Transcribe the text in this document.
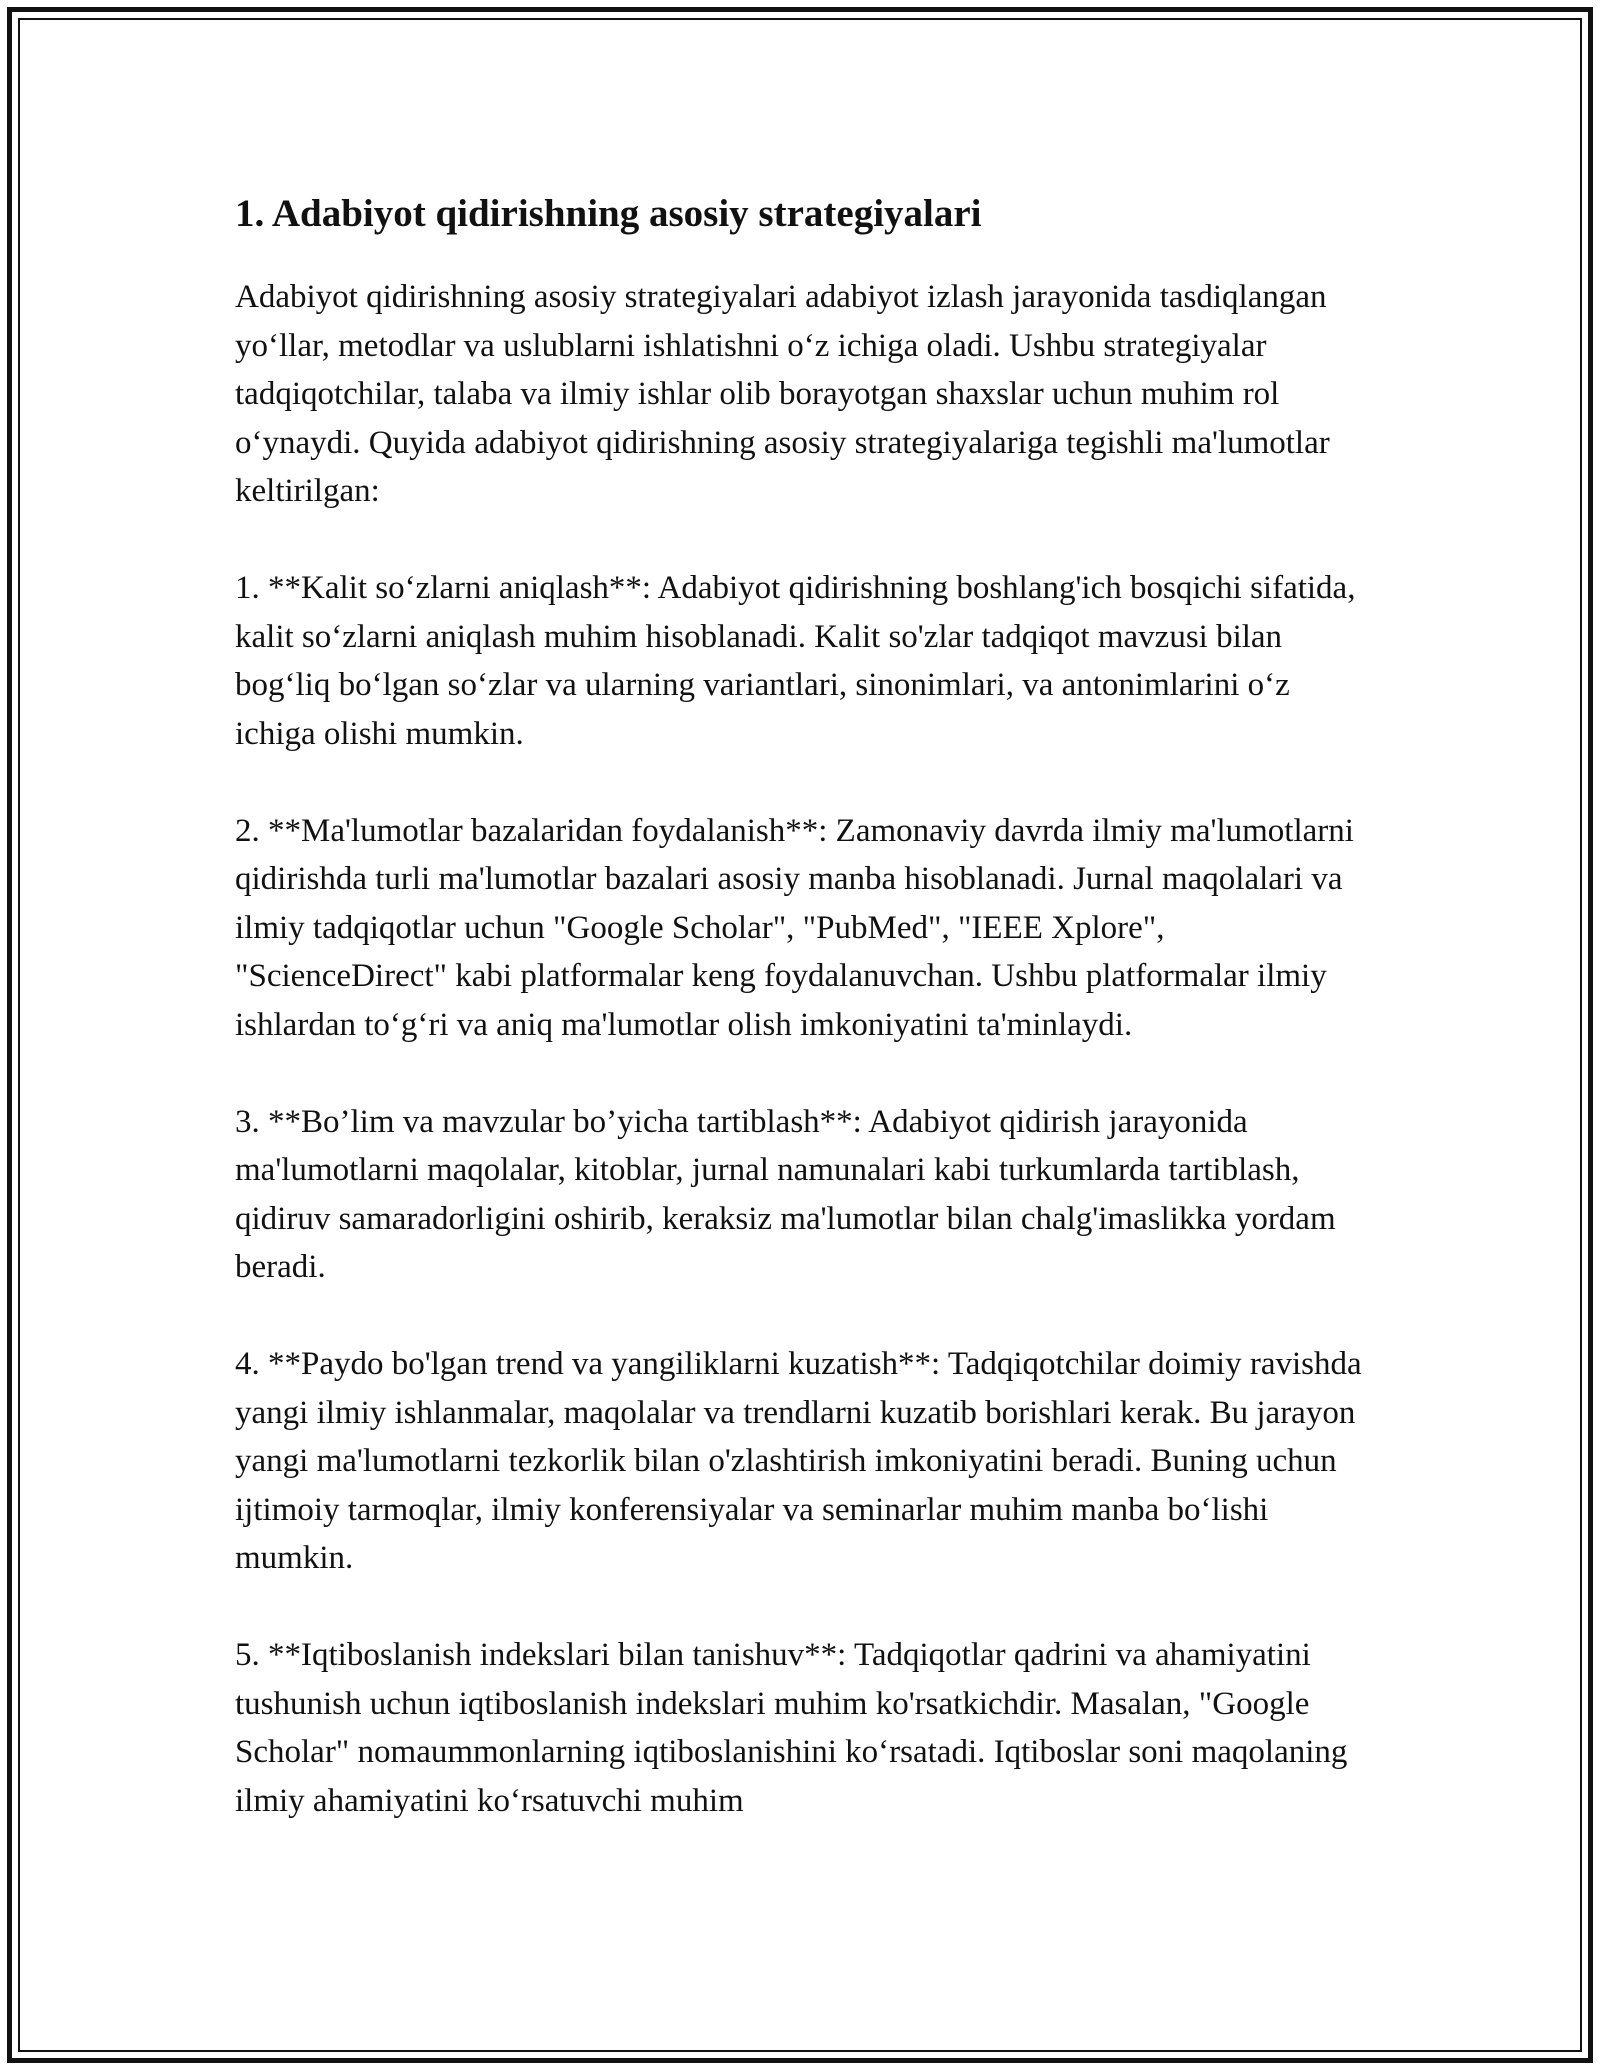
1. Adabiyot qidirishning asosiy strategiyalari

Adabiyot qidirishning asosiy strategiyalari adabiyot izlash jarayonida tasdiqlangan yo‘llar, metodlar va uslublarni ishlatishni o‘z ichiga oladi. Ushbu strategiyalar tadqiqotchilar, talaba va ilmiy ishlar olib borayotgan shaxslar uchun muhim rol o‘ynaydi. Quyida adabiyot qidirishning asosiy strategiyalariga tegishli ma'lumotlar keltirilgan:

1. **Kalit so‘zlarni aniqlash**: Adabiyot qidirishning boshlang'ich bosqichi sifatida, kalit so‘zlarni aniqlash muhim hisoblanadi. Kalit so'zlar tadqiqot mavzusi bilan bog‘liq bo‘lgan so‘zlar va ularning variantlari, sinonimlari, va antonimlarini o‘z ichiga olishi mumkin.

2. **Ma'lumotlar bazalaridan foydalanish**: Zamonaviy davrda ilmiy ma'lumotlarni qidirishda turli ma'lumotlar bazalari asosiy manba hisoblanadi. Jurnal maqolalari va ilmiy tadqiqotlar uchun "Google Scholar", "PubMed", "IEEE Xplore", "ScienceDirect" kabi platformalar keng foydalanuvchan. Ushbu platformalar ilmiy ishlardan to‘g‘ri va aniq ma'lumotlar olish imkoniyatini ta'minlaydi.

3. **Bo’lim va mavzular bo’yicha tartiblash**: Adabiyot qidirish jarayonida ma'lumotlarni maqolalar, kitoblar, jurnal namunalari kabi turkumlarda tartiblash, qidiruv samaradorligini oshirib, keraksiz ma'lumotlar bilan chalg'imaslikka yordam beradi.

4. **Paydo bo'lgan trend va yangiliklarni kuzatish**: Tadqiqotchilar doimiy ravishda yangi ilmiy ishlanmalar, maqolalar va trendlarni kuzatib borishlari kerak. Bu jarayon yangi ma'lumotlarni tezkorlik bilan o'zlashtirish imkoniyatini beradi. Buning uchun ijtimoiy tarmoqlar, ilmiy konferensiyalar va seminarlar muhim manba bo‘lishi mumkin.

5. **Iqtiboslanish indekslari bilan tanishuv**: Tadqiqotlar qadrini va ahamiyatini tushunish uchun iqtiboslanish indekslari muhim ko'rsatkichdir. Masalan, "Google Scholar" nomaummonlarning iqtiboslanishini ko‘rsatadi. Iqtiboslar soni maqolaning ilmiy ahamiyatini ko‘rsatuvchi muhim
